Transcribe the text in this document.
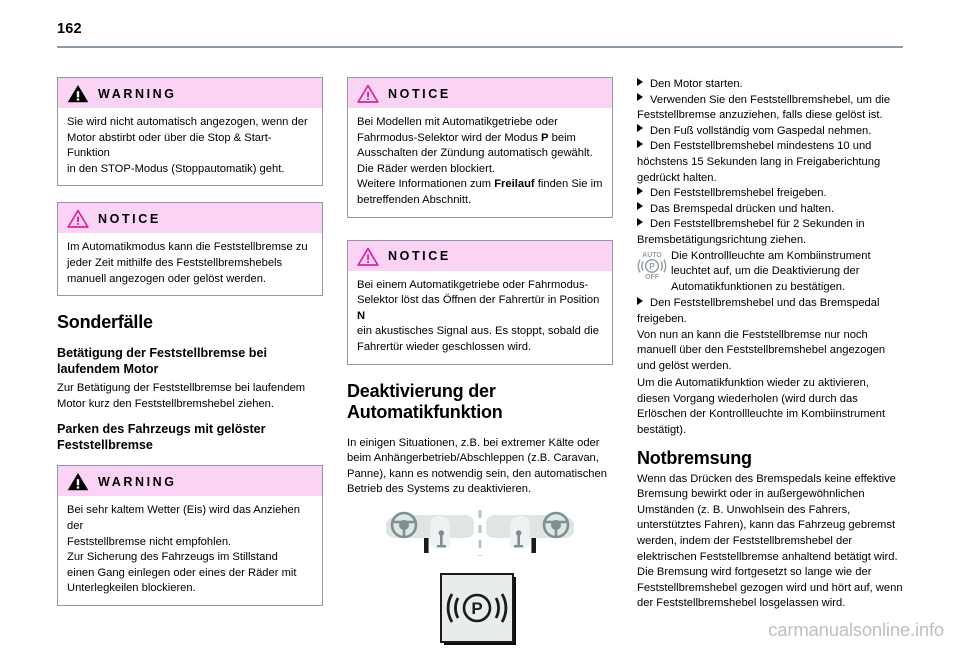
162
WARNING

Sie wird nicht automatisch angezogen, wenn der

Motor abstirbt oder über die Stop & Start-Funktion

in den STOP-Modus (Stoppautomatik) geht.

NOTICE

Im Automatikmodus kann die Feststellbremse zu

jeder Zeit mithilfe des Feststellbremshebels

manuell angezogen oder gelöst werden.

Sonderfälle
Betätigung der Feststellbremse bei laufendem Motor

Zur Betätigung der Feststellbremse bei laufendem Motor kurz den Feststellbremshebel ziehen.

Parken des Fahrzeugs mit gelöster Feststellbremse
WARNING

Bei sehr kaltem Wetter (Eis) wird das Anziehen der

Feststellbremse nicht empfohlen.

Zur Sicherung des Fahrzeugs im Stillstand

einen Gang einlegen oder eines der Räder mit

Unterlegkeilen blockieren.

NOTICE

Bei Modellen mit Automatikgetriebe oder

Fahrmodus-Selektor wird der Modus P beim

Ausschalten der Zündung automatisch gewählt.

Die Räder werden blockiert.

Weitere Informationen zum Freilauf finden Sie im

betreffenden Abschnitt.

NOTICE

Bei einem Automatikgetriebe oder Fahrmodus-

Selektor löst das Öffnen der Fahrertür in Position N

ein akustisches Signal aus. Es stoppt, sobald die

Fahrertür wieder geschlossen wird.

Deaktivierung der Automatikfunktion

In einigen Situationen, z.B. bei extremer Kälte oder beim Anhängerbetrieb/Abschleppen (z.B. Caravan, Panne), kann es notwendig sein, den automatischen Betrieb des Systems zu deaktivieren.

P
Den Motor starten.
Verwenden Sie den Feststellbremshebel, um die Feststellbremse anzuziehen, falls diese gelöst ist.
Den Fuß vollständig vom Gaspedal nehmen.
Den Feststellbremshebel mindestens 10 und höchstens 15 Sekunden lang in Freigaberichtung gedrückt halten.
Den Feststellbremshebel freigeben.
Das Bremspedal drücken und halten.
Den Feststellbremshebel für 2 Sekunden in Bremsbetätigungsrichtung ziehen.
AUTO
P
OFF
Die Kontrollleuchte am Kombiinstrument leuchtet auf, um die Deaktivierung der Automatikfunktionen zu bestätigen.
Den Feststellbremshebel und das Bremspedal freigeben.

Von nun an kann die Feststellbremse nur noch manuell über den Feststellbremshebel angezogen und gelöst werden.

Um die Automatikfunktion wieder zu aktivieren, diesen Vorgang wiederholen (wird durch das Erlöschen der Kontrollleuchte im Kombiinstrument bestätigt).

Notbremsung

Wenn das Drücken des Bremspedals keine effektive Bremsung bewirkt oder in außergewöhnlichen Umständen (z. B. Unwohlsein des Fahrers, unterstütztes Fahren), kann das Fahrzeug gebremst werden, indem der Feststellbremshebel der elektrischen Feststellbremse anhaltend betätigt wird. Die Bremsung wird fortgesetzt so lange wie der Feststellbremshebel gezogen wird und hört auf, wenn der Feststellbremshebel losgelassen wird.

carmanualsonline.info
